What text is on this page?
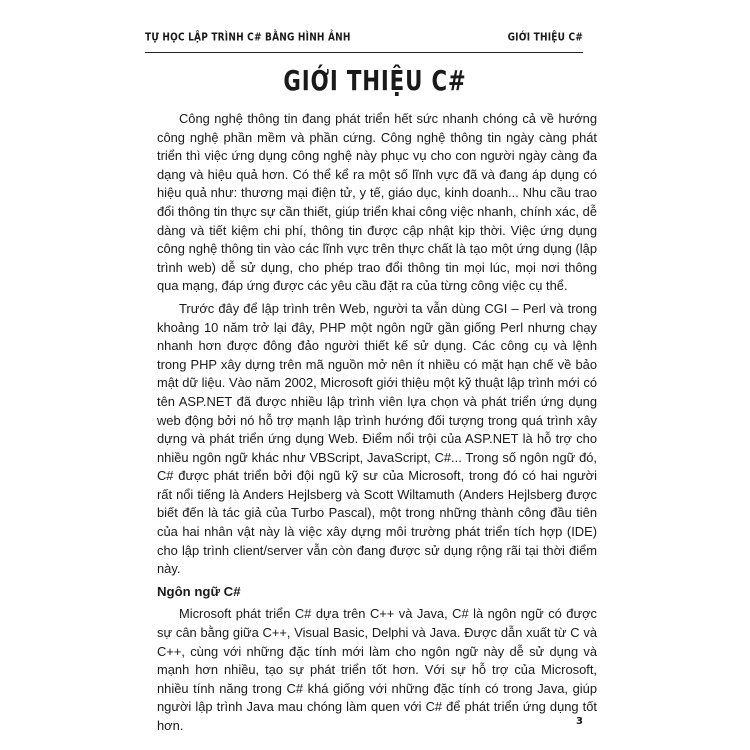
TỰ HỌC LẬP TRÌNH C# BẰNG HÌNH ẢNH	GIỚI THIỆU C#
GIỚI THIỆU C#

Công nghệ thông tin đang phát triển hết sức nhanh chóng cả về hướng công nghệ phần mềm và phần cứng. Công nghệ thông tin ngày càng phát triển thì việc ứng dụng công nghệ này phục vụ cho con người ngày càng đa dạng và hiệu quả hơn. Có thể kể ra một số lĩnh vực đã và đang áp dụng có hiệu quả như: thương mại điện tử, y tế, giáo dục, kinh doanh... Nhu cầu trao đổi thông tin thực sự cần thiết, giúp triển khai công việc nhanh, chính xác, dễ dàng và tiết kiệm chi phí, thông tin được cập nhật kịp thời. Việc ứng dụng công nghệ thông tin vào các lĩnh vực trên thực chất là tạo một ứng dụng (lập trình web) dễ sử dụng, cho phép trao đổi thông tin mọi lúc, mọi nơi thông qua mạng, đáp ứng được các yêu cầu đặt ra của từng công việc cụ thể.

Trước đây để lập trình trên Web, người ta vẫn dùng CGI – Perl và trong khoảng 10 năm trở lại đây, PHP một ngôn ngữ gần giống Perl nhưng chạy nhanh hơn được đông đảo người thiết kế sử dụng. Các công cụ và lệnh trong PHP xây dựng trên mã nguồn mở nên ít nhiều có mặt hạn chế về bảo mật dữ liệu. Vào năm 2002, Microsoft giới thiệu một kỹ thuật lập trình mới có tên ASP.NET đã được nhiều lập trình viên lựa chọn và phát triển ứng dụng web động bởi nó hỗ trợ mạnh lập trình hướng đối tượng trong quá trình xây dựng và phát triển ứng dụng Web. Điểm nổi trội của ASP.NET là hỗ trợ cho nhiều ngôn ngữ khác như VBScript, JavaScript, C#... Trong số ngôn ngữ đó, C# được phát triển bởi đội ngũ kỹ sư của Microsoft, trong đó có hai người rất nổi tiếng là Anders Hejlsberg và Scott Wiltamuth (Anders Hejlsberg được biết đến là tác giả của Turbo Pascal), một trong những thành công đầu tiên của hai nhân vật này là việc xây dựng môi trường phát triển tích hợp (IDE) cho lập trình client/server vẫn còn đang được sử dụng rộng rãi tại thời điểm này.

Ngôn ngữ C#

Microsoft phát triển C# dựa trên C++ và Java, C# là ngôn ngữ có được sự cân bằng giữa C++, Visual Basic, Delphi và Java. Được dẫn xuất từ C và C++, cùng với những đặc tính mới làm cho ngôn ngữ này dễ sử dụng và mạnh hơn nhiều, tạo sự phát triển tốt hơn. Với sự hỗ trợ của Microsoft, nhiều tính năng trong C# khá giống với những đặc tính có trong Java, giúp người lập trình Java mau chóng làm quen với C# để phát triển ứng dụng tốt hơn.	3
